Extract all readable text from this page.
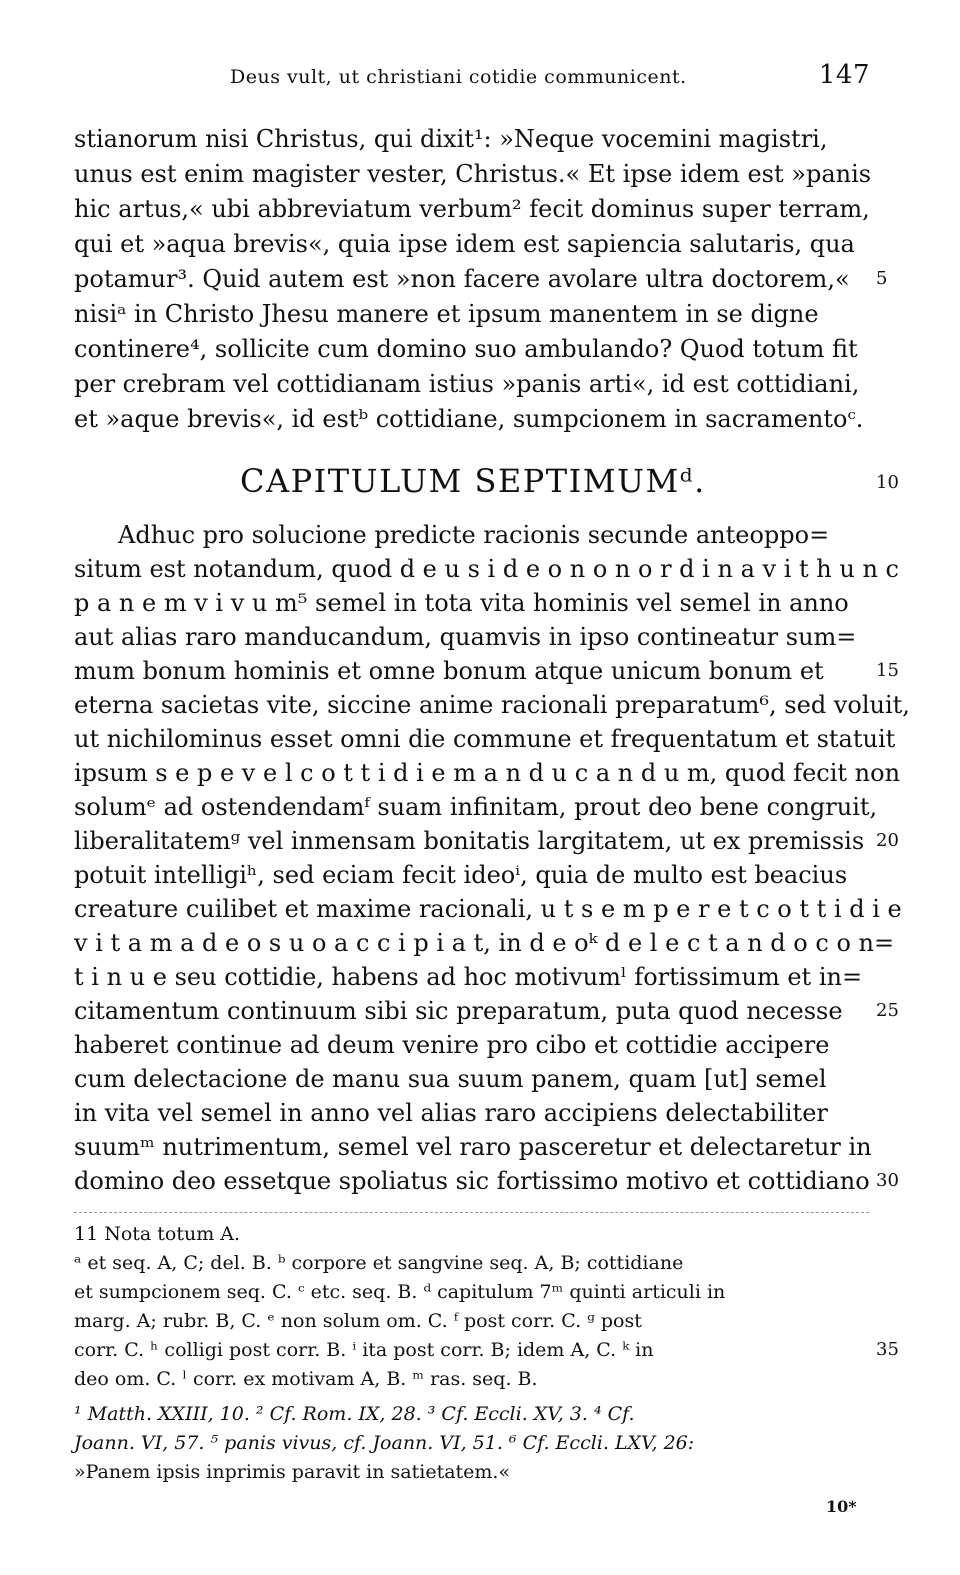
Deus vult, ut christiani cotidie communicent.	147
stianorum nisi Christus, qui dixit¹: »Neque vocemini magistri,
unus est enim magister vester, Christus.« Et ipse idem est »panis
hic artus,« ubi abbreviatum verbum² fecit dominus super terram,
qui et »aqua brevis«, quia ipse idem est sapiencia salutaris, qua
potamur³. Quid autem est »non facere avolare ultra doctorem,«
nisiᵃ in Christo Jhesu manere et ipsum manentem in se digne
continere⁴, sollicite cum domino suo ambulando? Quod totum fit
per crebram vel cottidianam istius »panis arti«, id est cottidiani,
et »aque brevis«, id estᵇ cottidiane, sumpcionem in sacramentoᶜ.
5
CAPITULUM SEPTIMUMᵈ.	10
Adhuc pro solucione predicte racionis secunde anteoppo=
situm est notandum, quod d e u s i d e o n o n o r d i n a v i t h u n c
p a n e m v i v u m⁵ semel in tota vita hominis vel semel in anno
aut alias raro manducandum, quamvis in ipso contineatur sum=
mum bonum hominis et omne bonum atque unicum bonum et
eterna sacietas vite, siccine anime racionali preparatum⁶, sed voluit,
ut nichilominus esset omni die commune et frequentatum et statuit
ipsum s e p e v e l c o t t i d i e m a n d u c a n d u m, quod fecit non
solumᵉ ad ostendendamᶠ suam infinitam, prout deo bene congruit,
liberalitatemᵍ vel inmensam bonitatis largitatem, ut ex premissis
potuit intelligiʰ, sed eciam fecit ideoⁱ, quia de multo est beacius
creature cuilibet et maxime racionali, u t s e m p e r e t c o t t i d i e
v i t a m a d e o s u o a c c i p i a t, in d e oᵏ d e l e c t a n d o c o n=
t i n u e seu cottidie, habens ad hoc motivumˡ fortissimum et in=
citamentum continuum sibi sic preparatum, puta quod necesse
haberet continue ad deum venire pro cibo et cottidie accipere
cum delectacione de manu sua suum panem, quam [ut] semel
in vita vel semel in anno vel alias raro accipiens delectabiliter
suumᵐ nutrimentum, semel vel raro pasceretur et delectaretur in
domino deo essetque spoliatus sic fortissimo motivo et cottidiano
15
20
25
30
11 Nota totum A.
ᵃ et seq. A, C; del. B. ᵇ corpore et sangvine seq. A, B; cottidiane
et sumpcionem seq. C. ᶜ etc. seq. B. ᵈ capitulum 7ᵐ quinti articuli in
marg. A; rubr. B, C. ᵉ non solum om. C. ᶠ post corr. C. ᵍ post
corr. C. ʰ colligi post corr. B. ⁱ ita post corr. B; idem A, C. ᵏ in
deo om. C. ˡ corr. ex motivam A, B. ᵐ ras. seq. B.
35
¹ Matth. XXIII, 10. ² Cf. Rom. IX, 28. ³ Cf. Eccli. XV, 3. ⁴ Cf.
Joann. VI, 57. ⁵ panis vivus, cf. Joann. VI, 51. ⁶ Cf. Eccli. LXV, 26:
»Panem ipsis inprimis paravit in satietatem.«
10*
